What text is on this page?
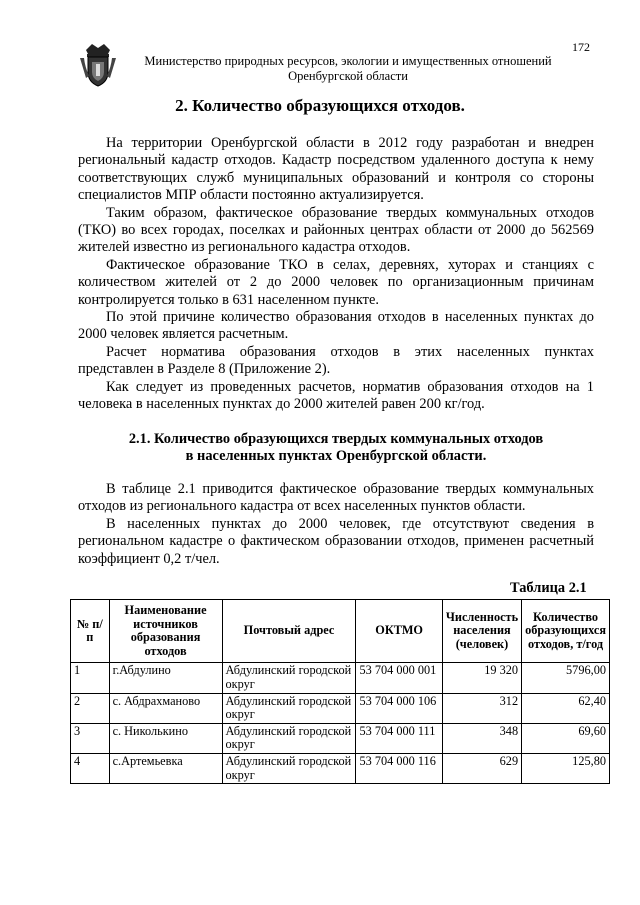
172
Министерство природных ресурсов, экологии и имущественных отношений
Оренбургской области
2. Количество образующихся отходов.

На территории Оренбургской области в 2012 году разработан и внедрен региональный кадастр отходов. Кадастр посредством удаленного доступа к нему соответствующих служб муниципальных образований и контроля со стороны специалистов МПР области постоянно актуализируется.

Таким образом, фактическое образование твердых коммунальных отходов (ТКО) во всех городах, поселках и районных центрах области от 2000 до 562569 жителей известно из регионального кадастра отходов.

Фактическое образование ТКО в селах, деревнях, хуторах и станциях с количеством жителей от 2 до 2000 человек по организационным причинам контролируется только в 631 населенном пункте.

По этой причине количество образования отходов в населенных пунктах до 2000 человек является расчетным.

Расчет норматива образования отходов в этих населенных пунктах представлен в Разделе 8 (Приложение 2).

Как следует из проведенных расчетов, норматив образования отходов на 1 человека в населенных пунктах до 2000 жителей равен 200 кг/год.

2.1. Количество образующихся твердых коммунальных отходов
в населенных пунктах Оренбургской области.

В таблице 2.1 приводится фактическое образование твердых коммунальных отходов из регионального кадастра от всех населенных пунктов области.

В населенных пунктах до 2000 человек, где отсутствуют сведения в региональном кадастре о фактическом образовании отходов, применен расчетный коэффициент 0,2 т/чел.

Таблица 2.1
№ п/п	Наименование источников образования отходов	Почтовый адрес	ОКТМО	Численность населения (человек)	Количество образующихся отходов, т/год
1	г.Абдулино	Абдулинский городской округ	53 704 000 001	19 320	5796,00
2	с. Абдрахманово	Абдулинский городской округ	53 704 000 106	312	62,40
3	с. Николькино	Абдулинский городской округ	53 704 000 111	348	69,60
4	с.Артемьевка	Абдулинский городской округ	53 704 000 116	629	125,80
